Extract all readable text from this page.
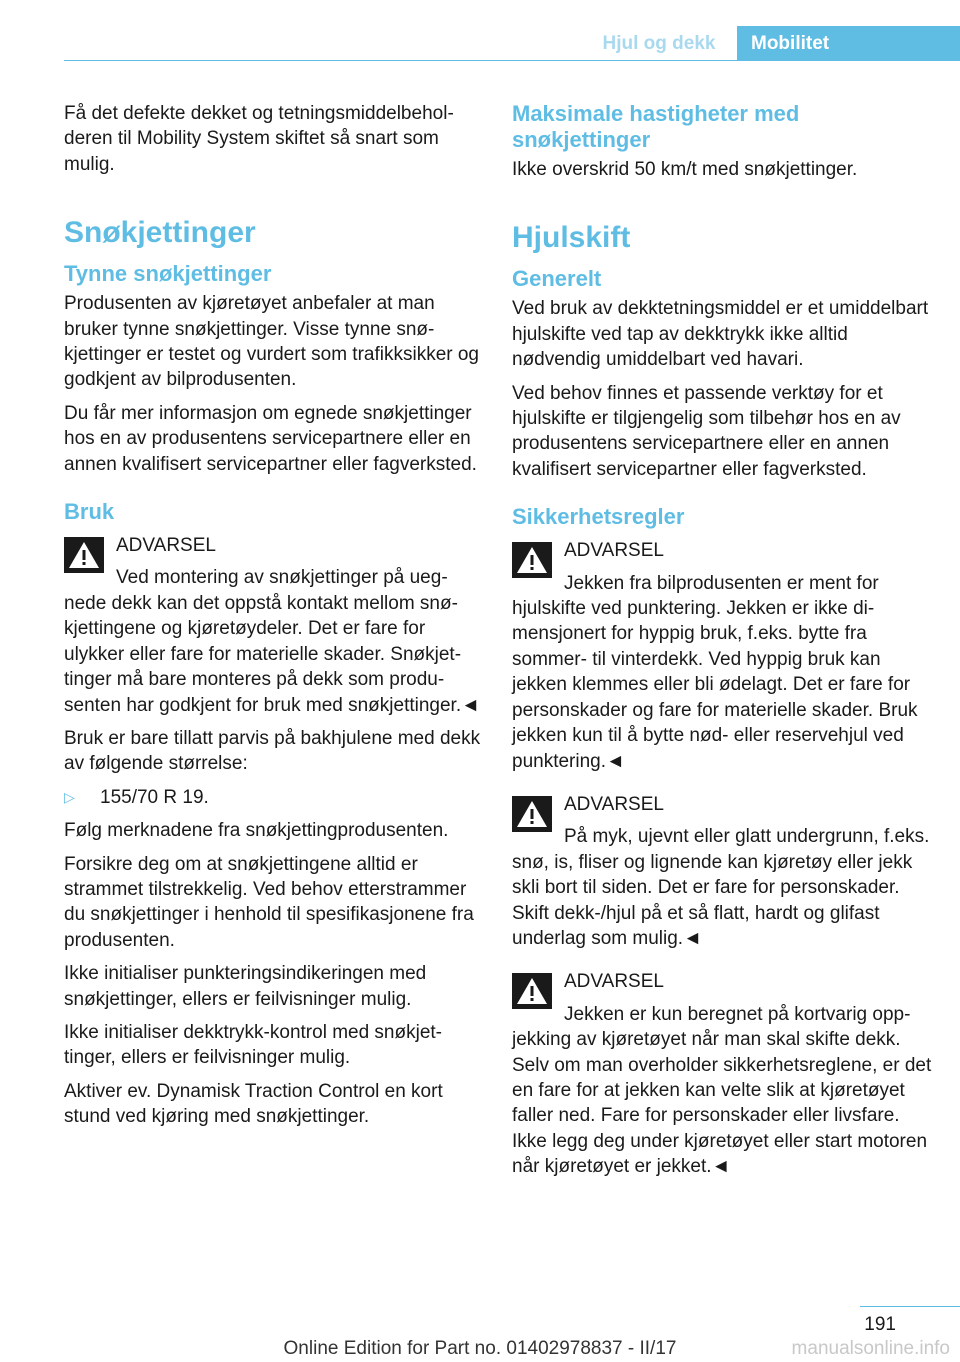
Hjul og dekk	Mobilitet

Få det defekte dekket og tetningsmiddelbeholderen til Mobility System skiftet så snart som mulig.

Snøkjettinger
Tynne snøkjettinger

Produsenten av kjøretøyet anbefaler at man bruker tynne snøkjettinger. Visse tynne snøkjettinger er testet og vurdert som trafikksikker og godkjent av bilprodusenten.

Du får mer informasjon om egnede snøkjettinger hos en av produsentens servicepartnere eller en annen kvalifisert servicepartner eller fagverksted.

Bruk
ADVARSEL
Ved montering av snøkjettinger på uegnede dekk kan det oppstå kontakt mellom snøkjettingene og kjøretøydeler. Det er fare for ulykker eller fare for materielle skader. Snøkjettinger må bare monteres på dekk som produsenten har godkjent for bruk med snøkjettinger.◄

Bruk er bare tillatt parvis på bakhjulene med dekk av følgende størrelse:

▷ 155/70 R 19.

Følg merknadene fra snøkjettingprodusenten.

Forsikre deg om at snøkjettingene alltid er strammet tilstrekkelig. Ved behov etterstrammer du snøkjettinger i henhold til spesifikasjonene fra produsenten.

Ikke initialiser punkteringsindikeringen med snøkjettinger, ellers er feilvisninger mulig.

Ikke initialiser dekktrykk-kontrol med snøkjettinger, ellers er feilvisninger mulig.

Aktiver ev. Dynamisk Traction Control en kort stund ved kjøring med snøkjettinger.

Maksimale hastigheter med snøkjettinger

Ikke overskrid 50 km/t med snøkjettinger.

Hjulskift
Generelt

Ved bruk av dekktetningsmiddel er et umiddelbart hjulskifte ved tap av dekktrykk ikke alltid nødvendig umiddelbart ved havari.

Ved behov finnes et passende verktøy for et hjulskifte er tilgjengelig som tilbehør hos en av produsentens servicepartnere eller en annen kvalifisert servicepartner eller fagverksted.

Sikkerhetsregler
ADVARSEL
Jekken fra bilprodusenten er ment for hjulskifte ved punktering. Jekken er ikke dimensjonert for hyppig bruk, f.eks. bytte fra sommer- til vinterdekk. Ved hyppig bruk kan jekken klemmes eller bli ødelagt. Det er fare for personskader og fare for materielle skader. Bruk jekken kun til å bytte nød- eller reservehjul ved punktering.◄
ADVARSEL
På myk, ujevnt eller glatt undergrunn, f.eks. snø, is, fliser og lignende kan kjøretøy eller jekk skli bort til siden. Det er fare for personskader. Skift dekk-/hjul på et så flatt, hardt og glifast underlag som mulig.◄
ADVARSEL
Jekken er kun beregnet på kortvarig oppjekking av kjøretøyet når man skal skifte dekk. Selv om man overholder sikkerhetsreglene, er det en fare for at jekken kan velte slik at kjøretøyet faller ned. Fare for personskader eller livsfare. Ikke legg deg under kjøretøyet eller start motoren når kjøretøyet er jekket.◄
191
Online Edition for Part no. 01402978837 - II/17	manualsonline.info
